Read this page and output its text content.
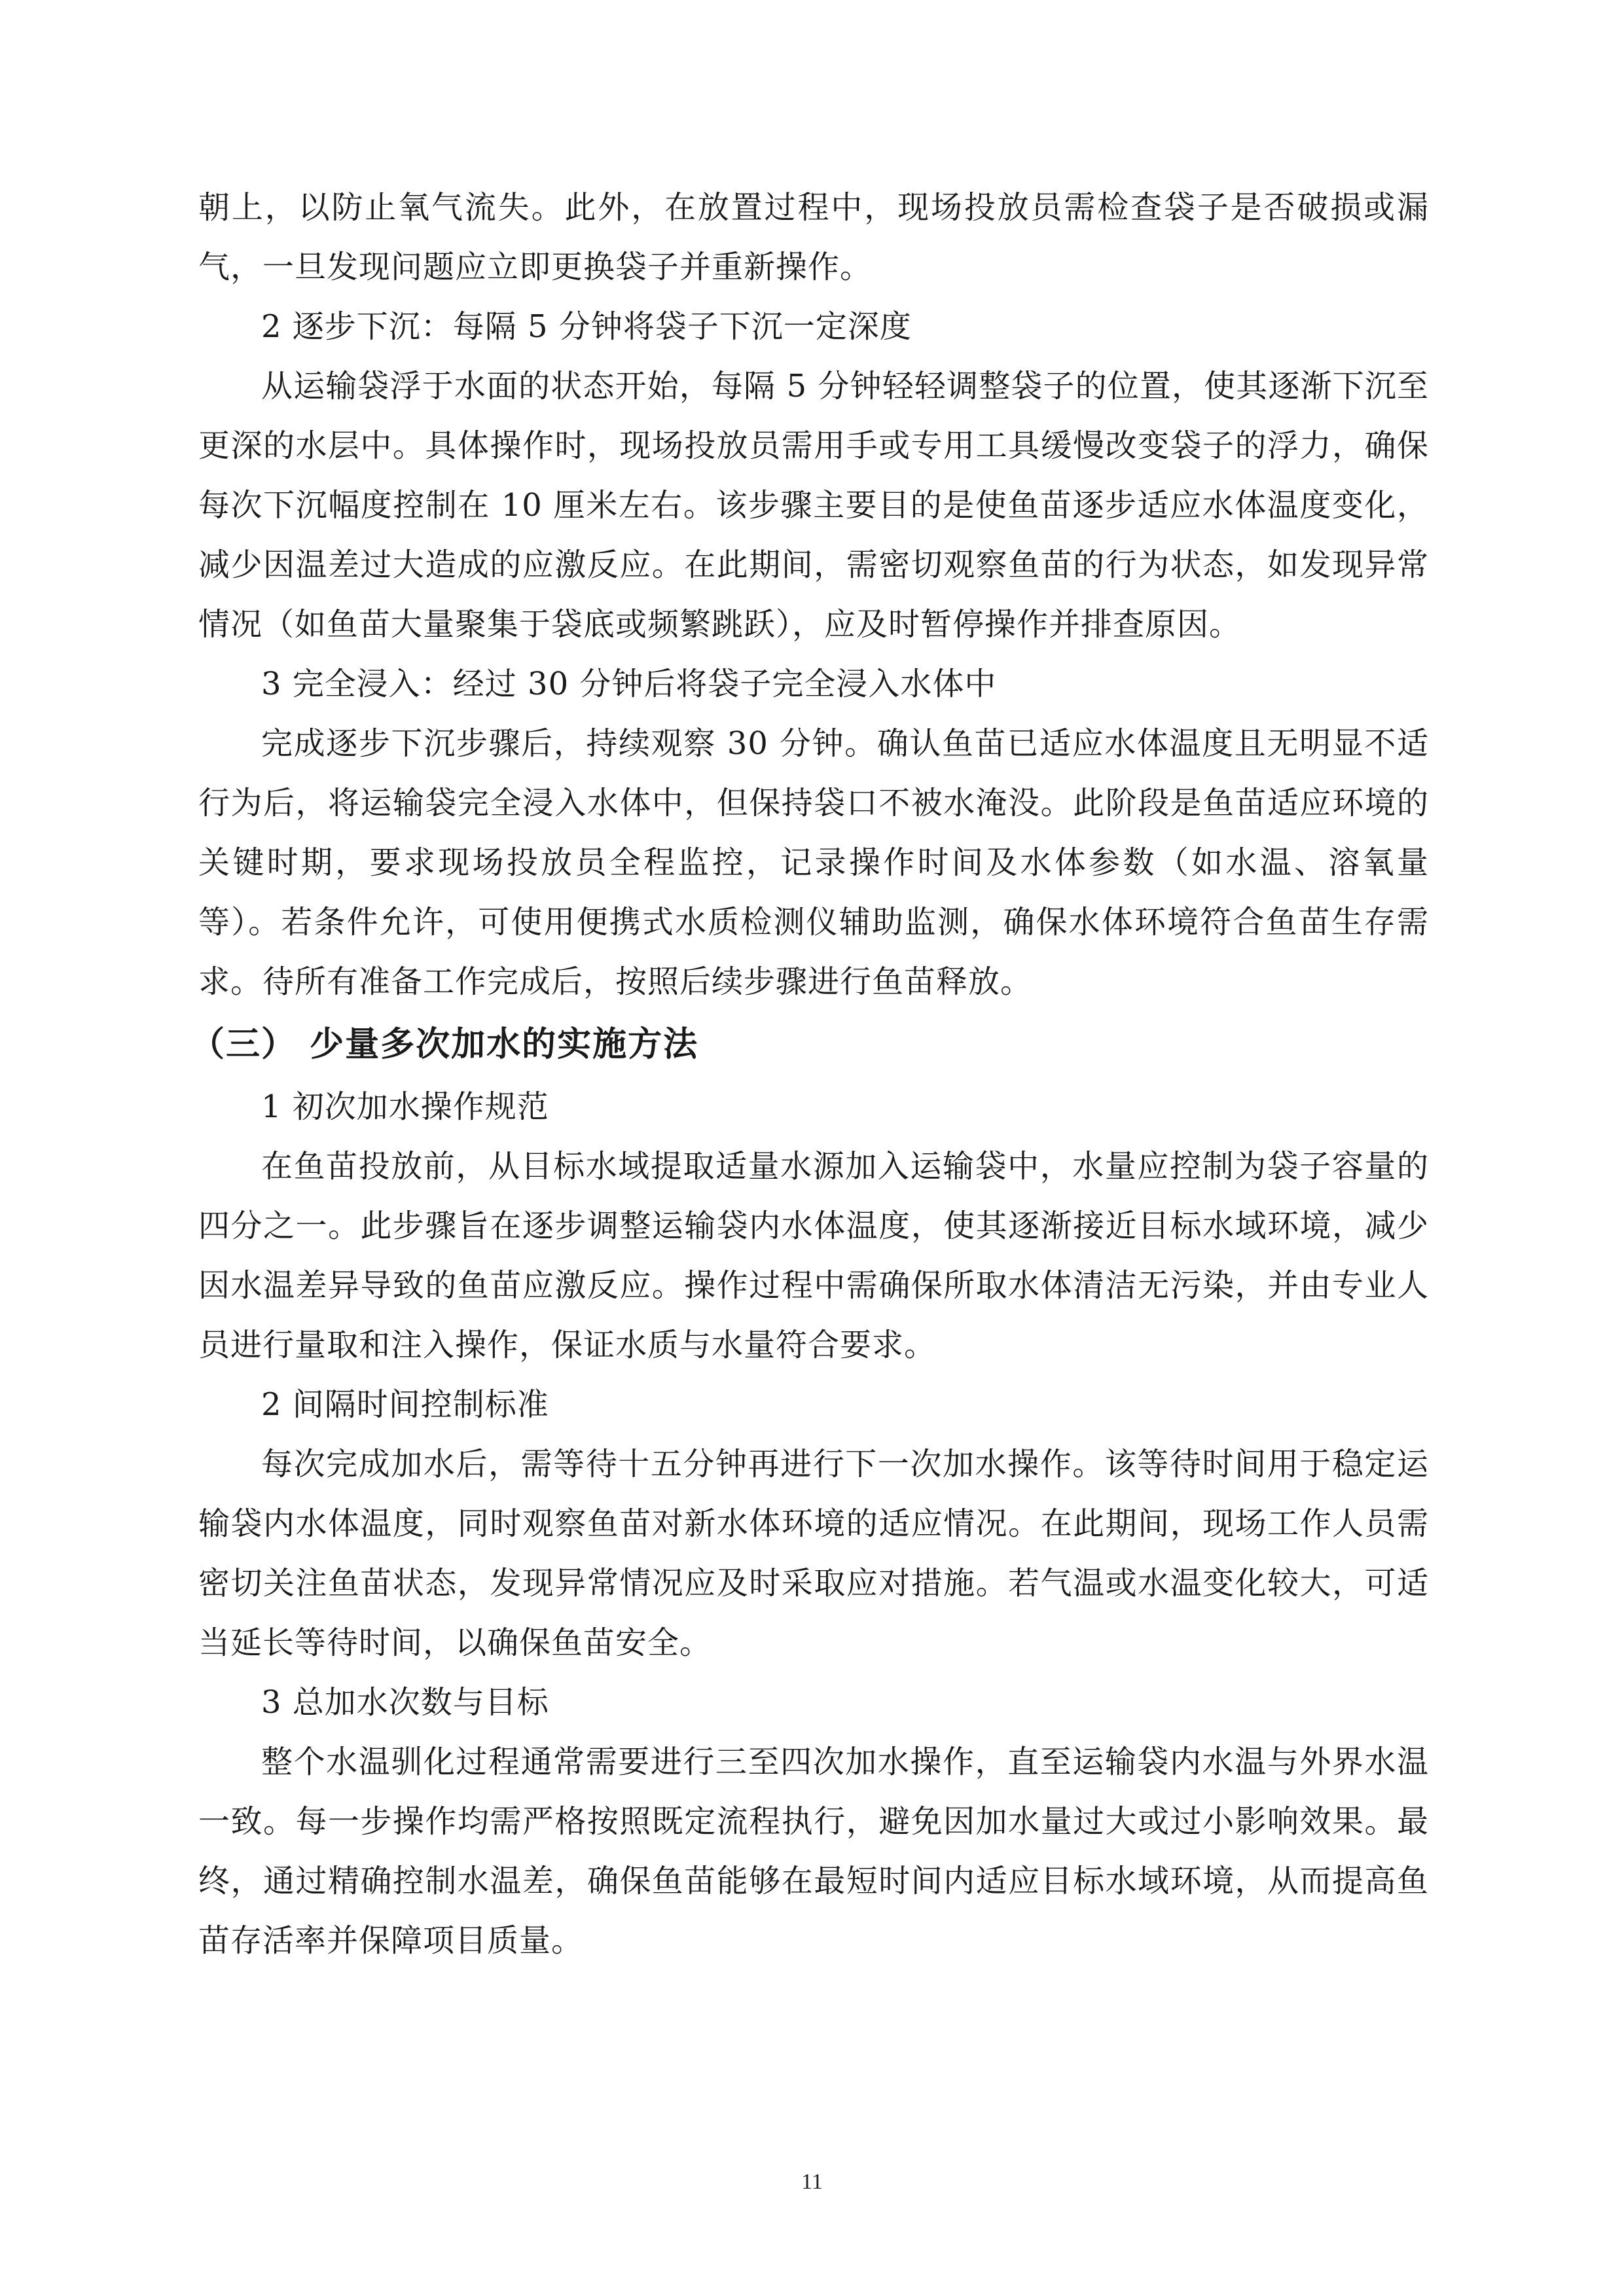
朝上，以防止氧气流失。此外，在放置过程中，现场投放员需检查袋子是否破损或漏气，一旦发现问题应立即更换袋子并重新操作。

2 逐步下沉：每隔 5 分钟将袋子下沉一定深度

从运输袋浮于水面的状态开始，每隔 5 分钟轻轻调整袋子的位置，使其逐渐下沉至更深的水层中。具体操作时，现场投放员需用手或专用工具缓慢改变袋子的浮力，确保每次下沉幅度控制在 10 厘米左右。该步骤主要目的是使鱼苗逐步适应水体温度变化，减少因温差过大造成的应激反应。在此期间，需密切观察鱼苗的行为状态，如发现异常情况（如鱼苗大量聚集于袋底或频繁跳跃），应及时暂停操作并排查原因。

3 完全浸入：经过 30 分钟后将袋子完全浸入水体中

完成逐步下沉步骤后，持续观察 30 分钟。确认鱼苗已适应水体温度且无明显不适行为后，将运输袋完全浸入水体中，但保持袋口不被水淹没。此阶段是鱼苗适应环境的关键时期，要求现场投放员全程监控，记录操作时间及水体参数（如水温、溶氧量等）。若条件允许，可使用便携式水质检测仪辅助监测，确保水体环境符合鱼苗生存需求。待所有准备工作完成后，按照后续步骤进行鱼苗释放。

（三） 少量多次加水的实施方法

1 初次加水操作规范

在鱼苗投放前，从目标水域提取适量水源加入运输袋中，水量应控制为袋子容量的四分之一。此步骤旨在逐步调整运输袋内水体温度，使其逐渐接近目标水域环境，减少因水温差异导致的鱼苗应激反应。操作过程中需确保所取水体清洁无污染，并由专业人员进行量取和注入操作，保证水质与水量符合要求。

2 间隔时间控制标准

每次完成加水后，需等待十五分钟再进行下一次加水操作。该等待时间用于稳定运输袋内水体温度，同时观察鱼苗对新水体环境的适应情况。在此期间，现场工作人员需密切关注鱼苗状态，发现异常情况应及时采取应对措施。若气温或水温变化较大，可适当延长等待时间，以确保鱼苗安全。

3 总加水次数与目标

整个水温驯化过程通常需要进行三至四次加水操作，直至运输袋内水温与外界水温一致。每一步操作均需严格按照既定流程执行，避免因加水量过大或过小影响效果。最终，通过精确控制水温差，确保鱼苗能够在最短时间内适应目标水域环境，从而提高鱼苗存活率并保障项目质量。

11
